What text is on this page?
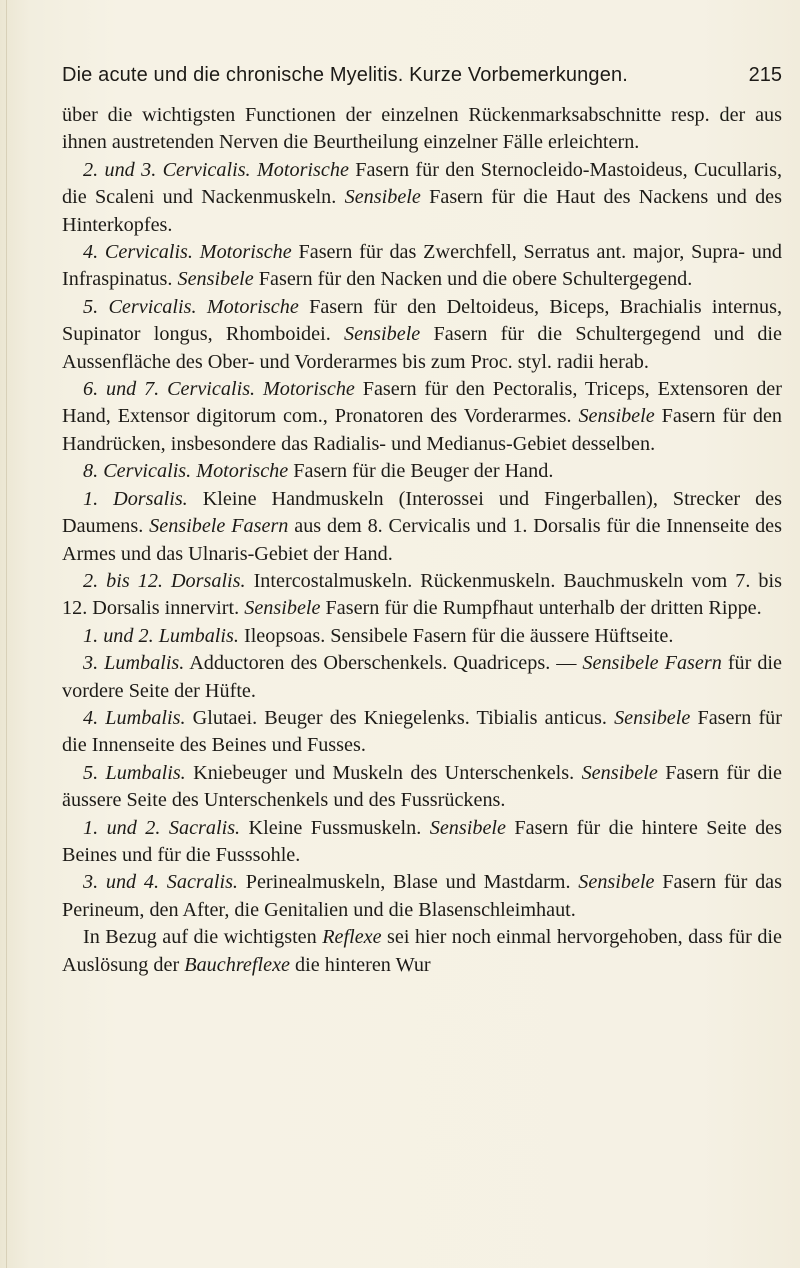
Die acute und die chronische Myelitis. Kurze Vorbemerkungen.	215

über die wichtigsten Functionen der einzelnen Rückenmarksabschnitte resp. der aus ihnen austretenden Nerven die Beurtheilung einzelner Fälle erleichtern.

2. und 3. Cervicalis. Motorische Fasern für den Sternocleido-Mastoideus, Cucullaris, die Scaleni und Nackenmuskeln. Sensibele Fasern für die Haut des Nackens und des Hinterkopfes.

4. Cervicalis. Motorische Fasern für das Zwerchfell, Serratus ant. major, Supra- und Infraspinatus. Sensibele Fasern für den Nacken und die obere Schultergegend.

5. Cervicalis. Motorische Fasern für den Deltoideus, Biceps, Brachialis internus, Supinator longus, Rhomboidei. Sensibele Fasern für die Schultergegend und die Aussenfläche des Ober- und Vorderarmes bis zum Proc. styl. radii herab.

6. und 7. Cervicalis. Motorische Fasern für den Pectoralis, Triceps, Extensoren der Hand, Extensor digitorum com., Pronatoren des Vorderarmes. Sensibele Fasern für den Handrücken, insbesondere das Radialis- und Medianus-Gebiet desselben.

8. Cervicalis. Motorische Fasern für die Beuger der Hand.

1. Dorsalis. Kleine Handmuskeln (Interossei und Fingerballen), Strecker des Daumens. Sensibele Fasern aus dem 8. Cervicalis und 1. Dorsalis für die Innenseite des Armes und das Ulnaris-Gebiet der Hand.

2. bis 12. Dorsalis. Intercostalmuskeln. Rückenmuskeln. Bauchmuskeln vom 7. bis 12. Dorsalis innervirt. Sensibele Fasern für die Rumpfhaut unterhalb der dritten Rippe.

1. und 2. Lumbalis. Ileopsoas. Sensibele Fasern für die äussere Hüftseite.

3. Lumbalis. Adductoren des Oberschenkels. Quadriceps. — Sensibele Fasern für die vordere Seite der Hüfte.

4. Lumbalis. Glutaei. Beuger des Kniegelenks. Tibialis anticus. Sensibele Fasern für die Innenseite des Beines und Fusses.

5. Lumbalis. Kniebeuger und Muskeln des Unterschenkels. Sensibele Fasern für die äussere Seite des Unterschenkels und des Fussrückens.

1. und 2. Sacralis. Kleine Fussmuskeln. Sensibele Fasern für die hintere Seite des Beines und für die Fusssohle.

3. und 4. Sacralis. Perinealmuskeln, Blase und Mastdarm. Sensibele Fasern für das Perineum, den After, die Genitalien und die Blasenschleimhaut.

In Bezug auf die wichtigsten Reflexe sei hier noch einmal hervorgehoben, dass für die Auslösung der Bauchreflexe die hinteren Wur
